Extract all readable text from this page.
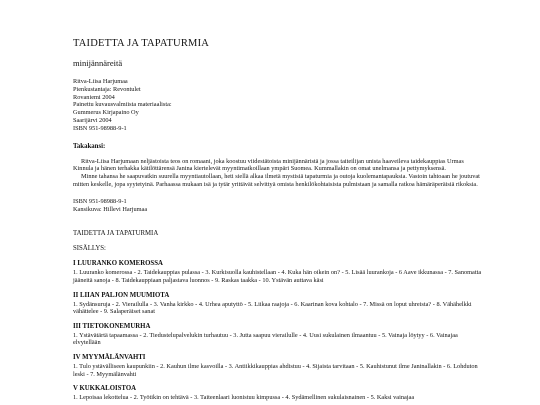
TAIDETTA JA TAPATURMIA
minijännäreitä
Ritva-Liisa Harjumaa
Pienkustantaja: Revontulet
Rovaniemi 2004
Painettu kuvausvalmiista materiaalista:
Gummerus Kirjapaino Oy
Saarijärvi 2004
ISBN 951-98988-9-1
Takakansi:

Ritva-Liisa Harjumaan neljästoista teos on romaani, joka koostuu viidestätoista minijännäristä ja jossa taiteilijan unista haaveilevа taidekauppias Urmas Kinnula ja hänen terhakka kätilöttärensä Janina kiertelevät myyntimatkoillaan ympäri Suomea. Kummallakin on omat unelmansa ja pettymyksensä.

Minne tahansa he saapuvatkin suurella myyntiautollaan, heti siellä alkaa ilmetä mystisiä tapaturmia ja outoja kuolemantapauksia. Vastoin tahtoaan he joutuvat mitten keskelle, jopa syytetyinä. Parhaassa mukaan isä ja tytär yrittävät selvittyä omista henkilökohtaisista pulmistaan ja samalla ratkoa hämäräperäisiä rikoksia.

ISBN 951-98988-9-1
Kansikuva: Hillevi Harjumaa
TAIDETTA JA TAPATURMIA
SISÄLLYS:
I LUURANKO KOMEROSSA
1. Luuranko komerossa - 2. Taidekauppias pulassa - 3. Kurkisuolla kauhistellaan - 4. Kuka hän oikein on? - 5. Lisää luurankoja - 6 Aave ikkunassa - 7. Sanomatta jääneitä sanoja - 8. Taidekauppiaan paljastava luonnos - 9. Raskas taakka - 10. Ystävän auttava käsi
II LIIAN PALJON MUUMIOTA
1. Sydänsuruja - 2. Vierailulla - 3. Vanha kirkko - 4. Urhea aputyttö - 5. Liikaa raajoja - 6. Kaarinan kova kohtalo - 7. Missä on loput uhreista? - 8. Vähähelkki vähättelee - 9. Salaperäiset sanat
III TIETOKONEMURHA
1. Ystävätärtä tapaamassa - 2. Tiedustelupalvelukin turhautuu - 3. Jutta saapuu vierailulle - 4. Uusi sukulainen ilmaantuu - 5. Vainaja löytyy - 6. Vainajaa elvytellään
IV MYYMÄLÄNVAHTI
1. Tulo ystävällisееn kaupunkiin - 2. Kauhun ilme kasvoilla - 3. Antiikkikauppias ahdistuu - 4. Sijaista tarvitaan - 5. Kauhistunut ilme Janinallakin - 6. Lohduton leski - 7. Myymälänvahti
V KUKKALOISTOA
1. Lepoisaa lekottelua - 2. Työtikin on tehtävä - 3. Taiteenlaari luonistuu kimpussa - 4. Sydämellinen sukulaisnainen - 5. Kaksi vainajaa
